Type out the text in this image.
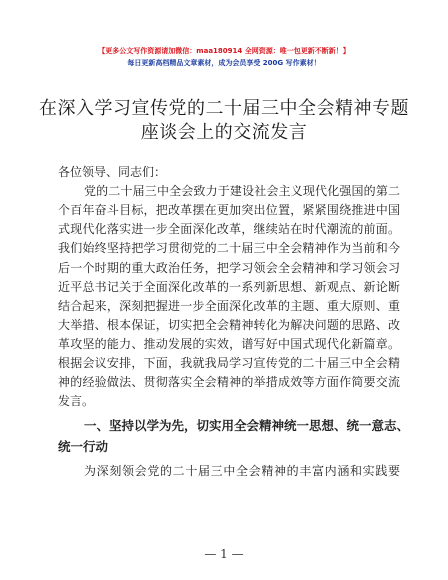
【更多公文写作资源请加微信：maa180914 全网资源：唯一包更新不断新！】
每日更新高档精品文章素材，成为会员享受 200G 写作素材！
在深入学习宣传党的二十届三中全会精神专题
座谈会上的交流发言
各位领导、同志们：
党的二十届三中全会致力于建设社会主义现代化强国的第二
个百年奋斗目标，把改革摆在更加突出位置，紧紧围绕推进中国
式现代化落实进一步全面深化改革，继续站在时代潮流的前面。
我们始终坚持把学习贯彻党的二十届三中全会精神作为当前和今
后一个时期的重大政治任务，把学习领会全会精神和学习领会习
近平总书记关于全面深化改革的一系列新思想、新观点、新论断
结合起来，深刻把握进一步全面深化改革的主题、重大原则、重
大举措、根本保证，切实把全会精神转化为解决问题的思路、改
革攻坚的能力、推动发展的实效，谱写好中国式现代化新篇章。
根据会议安排，下面，我就我局学习宣传党的二十届三中全会精
神的经验做法、贯彻落实全会精神的举措成效等方面作简要交流
发言。
一、坚持以学为先，切实用全会精神统一思想、统一意志、
统一行动
为深刻领会党的二十届三中全会精神的丰富内涵和实践要
— 1 —
